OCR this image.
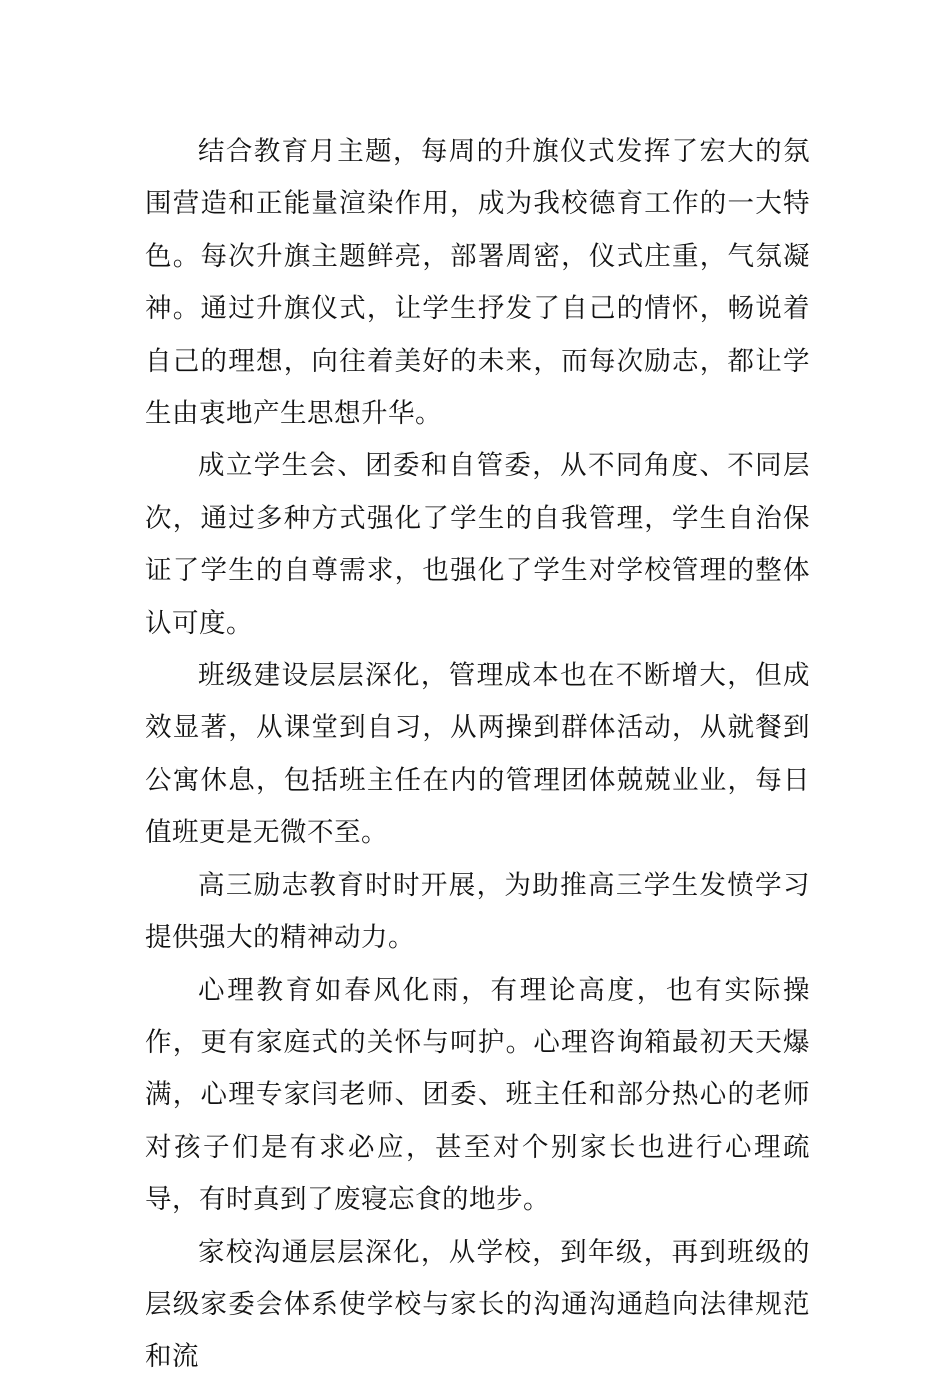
结合教育月主题，每周的升旗仪式发挥了宏大的氛围营造和正能量渲染作用，成为我校德育工作的一大特色。每次升旗主题鲜亮，部署周密，仪式庄重，气氛凝神。通过升旗仪式，让学生抒发了自己的情怀，畅说着自己的理想，向往着美好的未来，而每次励志，都让学生由衷地产生思想升华。

成立学生会、团委和自管委，从不同角度、不同层次，通过多种方式强化了学生的自我管理，学生自治保证了学生的自尊需求，也强化了学生对学校管理的整体认可度。

班级建设层层深化，管理成本也在不断增大，但成效显著，从课堂到自习，从两操到群体活动，从就餐到公寓休息，包括班主任在内的管理团体兢兢业业，每日值班更是无微不至。

高三励志教育时时开展，为助推高三学生发愤学习提供强大的精神动力。

心理教育如春风化雨，有理论高度，也有实际操作，更有家庭式的关怀与呵护。心理咨询箱最初天天爆满，心理专家闫老师、团委、班主任和部分热心的老师对孩子们是有求必应，甚至对个别家长也进行心理疏导，有时真到了废寝忘食的地步。

家校沟通层层深化，从学校，到年级，再到班级的层级家委会体系使学校与家长的沟通沟通趋向法律规范和流
